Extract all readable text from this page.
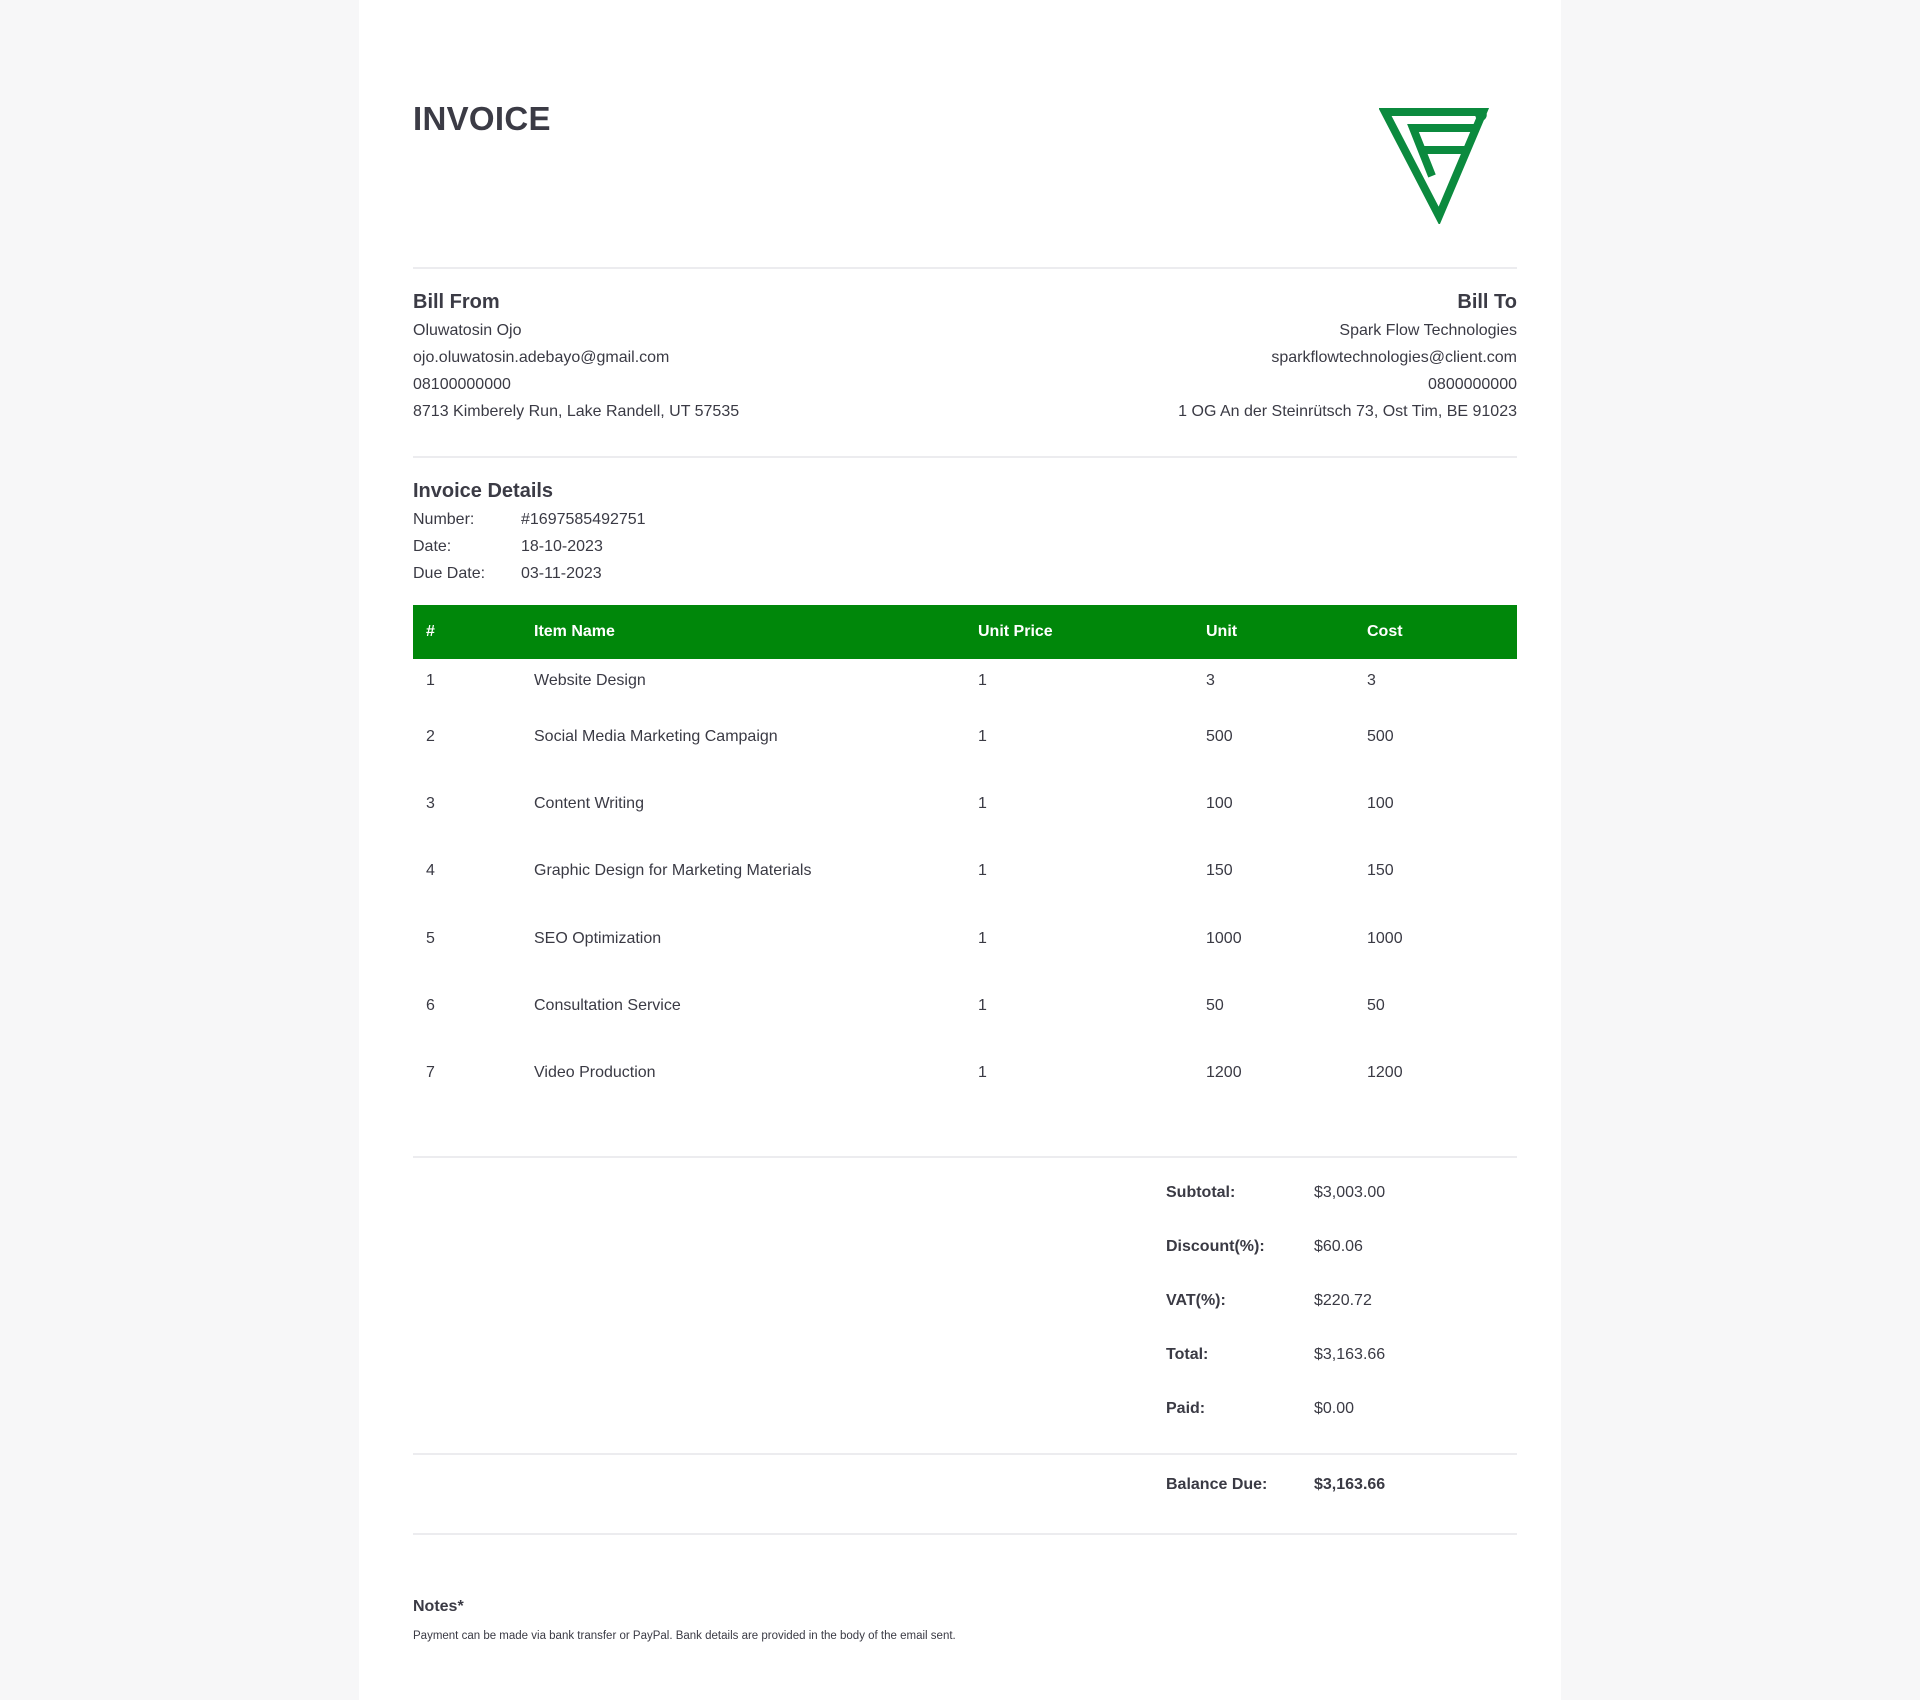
INVOICE
Bill From
Oluwatosin Ojo
ojo.oluwatosin.adebayo@gmail.com
08100000000
8713 Kimberely Run, Lake Randell, UT 57535
Bill To
Spark Flow Technologies
sparkflowtechnologies@client.com
0800000000
1 OG An der Steinrütsch 73, Ost Tim, BE 91023
Invoice Details
Number:	#1697585492751
Date:	18-10-2023
Due Date:	03-11-2023
#	Item Name	Unit Price	Unit	Cost
1	Website Design	1	3	3
2	Social Media Marketing Campaign	1	500	500
3	Content Writing	1	100	100
4	Graphic Design for Marketing Materials	1	150	150
5	SEO Optimization	1	1000	1000
6	Consultation Service	1	50	50
7	Video Production	1	1200	1200
Subtotal:	$3,003.00
Discount(%):	$60.06
VAT(%):	$220.72
Total:	$3,163.66
Paid:	$0.00
Balance Due:	$3,163.66
Notes*
Payment can be made via bank transfer or PayPal. Bank details are provided in the body of the email sent.
